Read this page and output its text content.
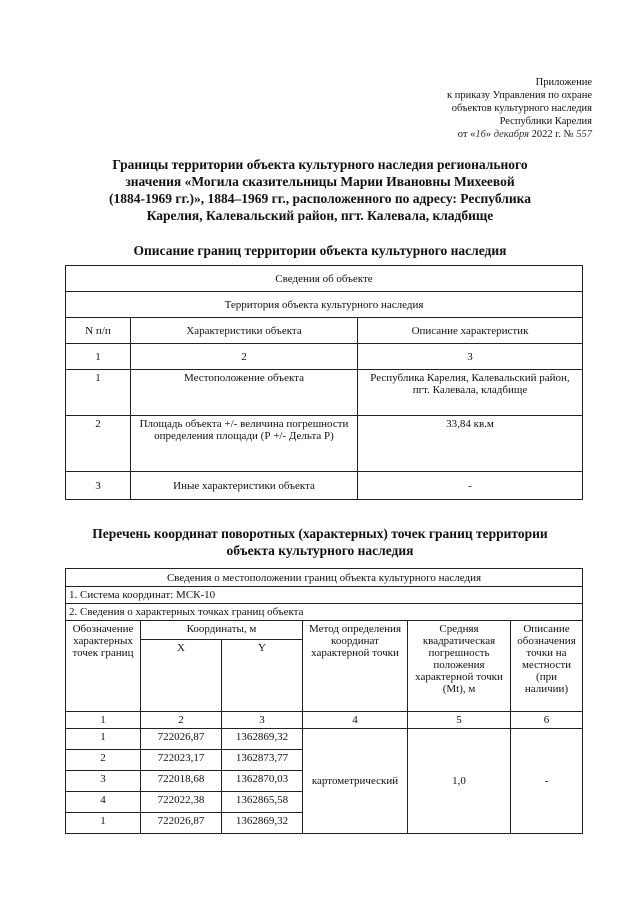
Приложение
к приказу Управления по охране
объектов культурного наследия
Республики Карелия
от «16» декабря 2022 г. № 557
Границы территории объекта культурного наследия регионального
значения «Могила сказительницы Марии Ивановны Михеевой
(1884-1969 гг.)», 1884–1969 гг., расположенного по адресу: Республика
Карелия, Калевальский район, пгт. Калевала, кладбище
Описание границ территории объекта культурного наследия
Сведения об объекте		
Территория объекта культурного наследия		
N п/п	Характеристики объекта	Описание характеристик
1	2	3
1	Местоположение объекта	Республика Карелия, Калевальский район, пгт. Калевала, кладбище
2	Площадь объекта +/- величина погрешности определения площади (Р +/- Дельта Р)	33,84 кв.м
3	Иные характеристики объекта	-
Перечень координат поворотных (характерных) точек границ территории
объекта культурного наследия
Сведения о местоположении границ объекта культурного наследия					
1. Система координат: МСК-10					
2. Сведения о характерных точках границ объекта					
Обозначение характерных точек границ	Координаты, м		Метод определения координат характерной точки	Средняя квадратическая погрешность положения характерной точки (Mt), м	Описание обозначения точки на местности (при наличии)
	X	Y			
1	2	3	4	5	6
1	722026,87	1362869,32	картометрический	1,0	-
2	722023,17	1362873,77			
3	722018,68	1362870,03			
4	722022,38	1362865,58			
1	722026,87	1362869,32			
